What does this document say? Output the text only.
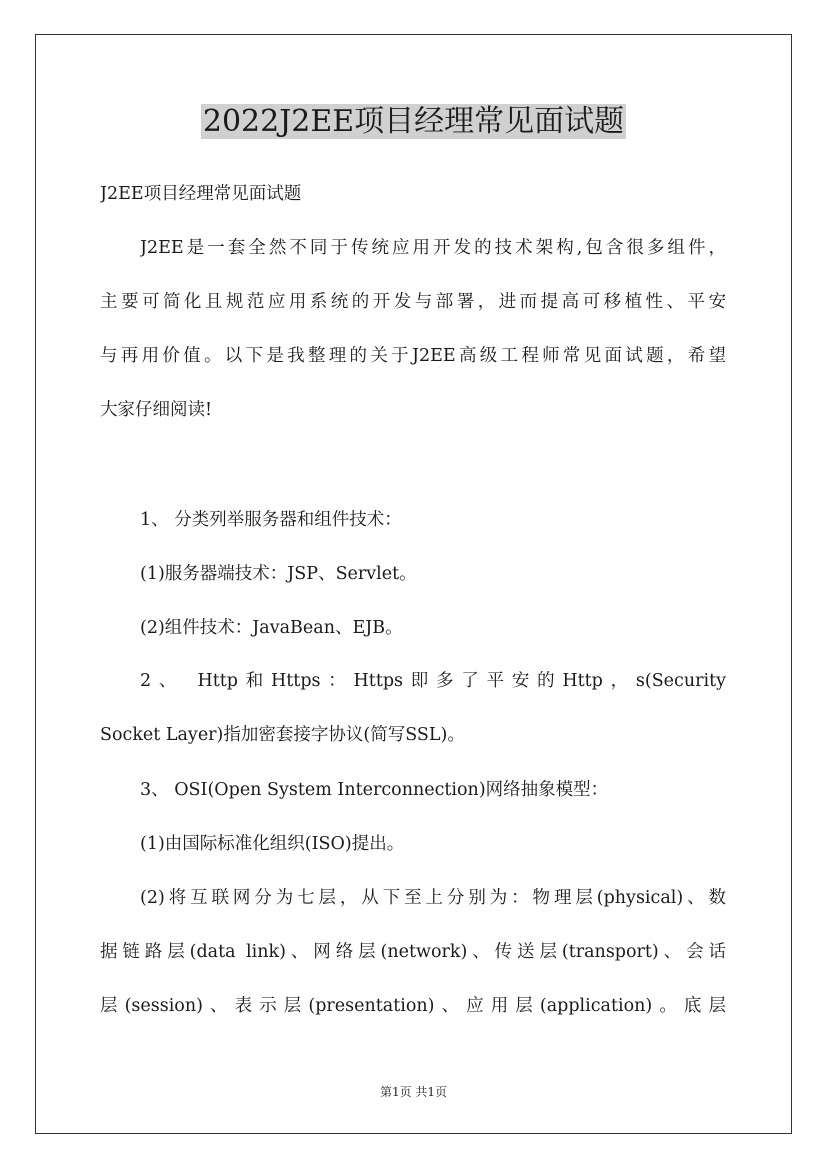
2022J2EE项目经理常见面试题
J2EE项目经理常见面试题
J2EE是一套全然不同于传统应用开发的技术架构,包含很多组件，
主要可简化且规范应用系统的开发与部署，进而提高可移植性、平安
与再用价值。以下是我整理的关于J2EE高级工程师常见面试题，希望
大家仔细阅读!
1、 分类列举服务器和组件技术：
(1)服务器端技术：JSP、Servlet。
(2)组件技术：JavaBean、EJB。
2、 Http和Https：Https即多了平安的Http，s(Security
Socket Layer)指加密套接字协议(简写SSL)。
3、 OSI(Open System Interconnection)网络抽象模型：
(1)由国际标准化组织(ISO)提出。
(2)将互联网分为七层，从下至上分别为：物理层(physical)、数
据链路层(data link)、网络层(network)、传送层(transport)、会话
层(session)、表示层(presentation)、应用层(application)。底层
第1页 共1页
